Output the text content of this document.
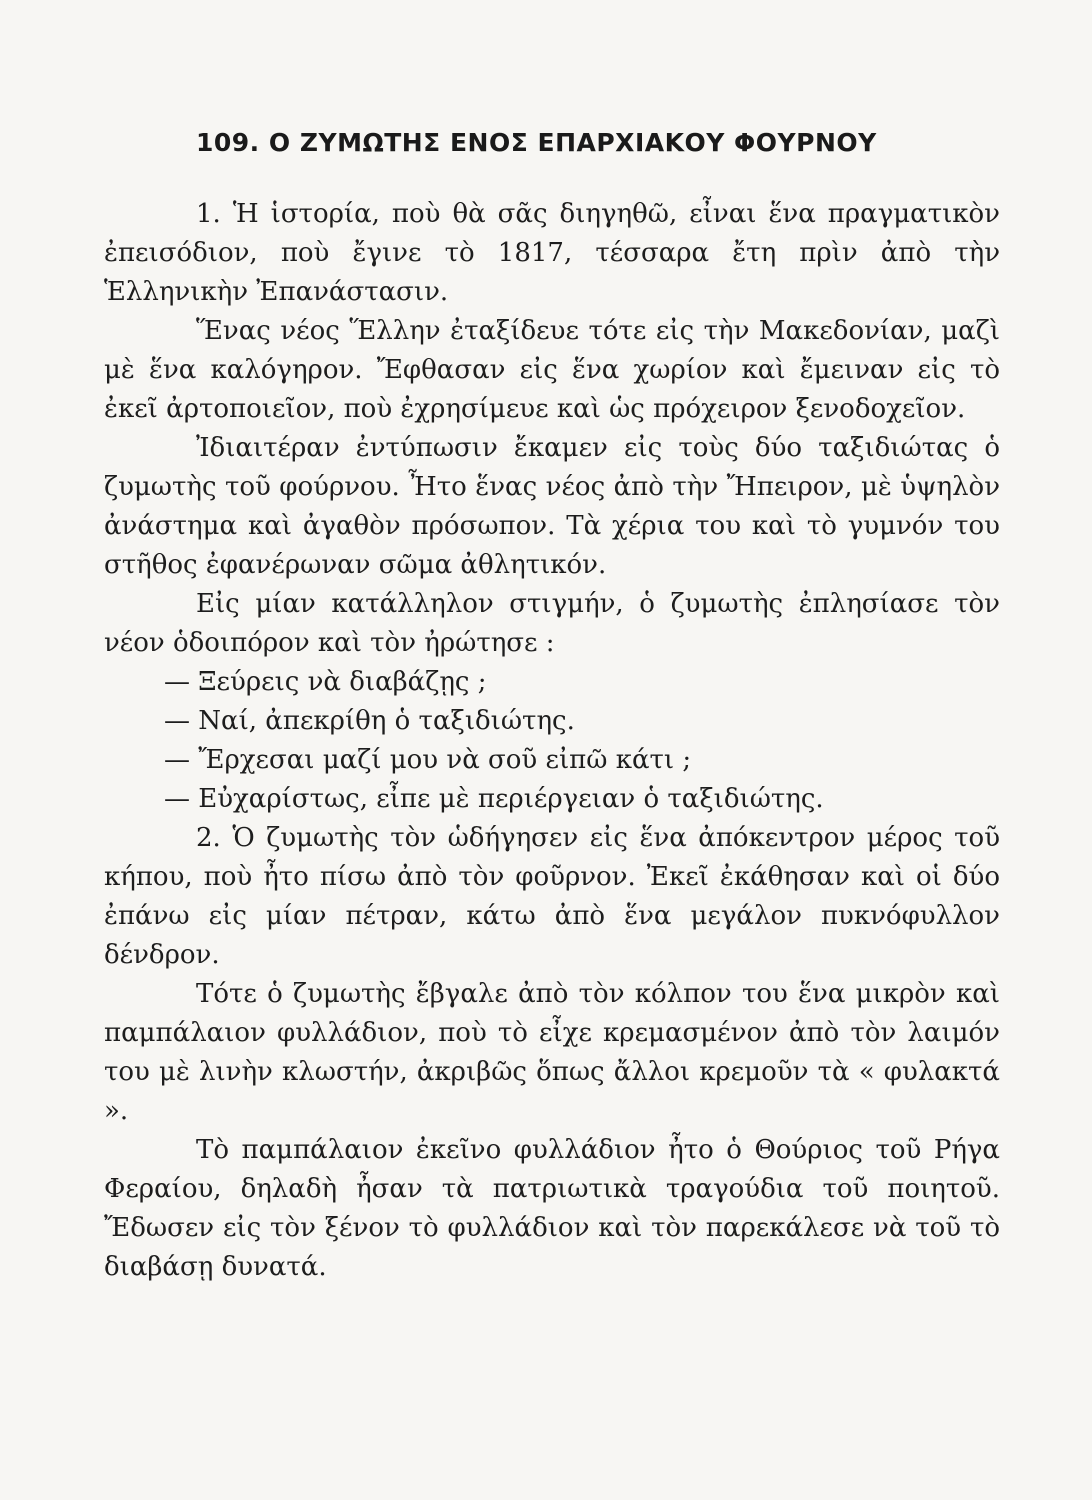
109. Ο ΖΥΜΩΤΗΣ ΕΝΟΣ ΕΠΑΡΧΙΑΚΟΥ ΦΟΥΡΝΟΥ

1. Ἡ ἱστορία, ποὺ θὰ σᾶς διηγηθῶ, εἶναι ἕνα πραγματικὸν ἐπεισόδιον, ποὺ ἔγινε τὸ 1817, τέσσαρα ἔτη πρὶν ἀπὸ τὴν Ἑλληνικὴν Ἐπανάστασιν.

Ἕνας νέος Ἕλλην ἐταξίδευε τότε εἰς τὴν Μακεδονίαν, μαζὶ μὲ ἕνα καλόγηρον. Ἔφθασαν εἰς ἕνα χωρίον καὶ ἔμειναν εἰς τὸ ἐκεῖ ἀρτοποιεῖον, ποὺ ἐχρησίμευε καὶ ὡς πρόχειρον ξενοδοχεῖον.

Ἰδιαιτέραν ἐντύπωσιν ἔκαμεν εἰς τοὺς δύο ταξιδιώτας ὁ ζυμωτὴς τοῦ φούρνου. Ἦτο ἕνας νέος ἀπὸ τὴν Ἤπειρον, μὲ ὑψηλὸν ἀνάστημα καὶ ἀγαθὸν πρόσωπον. Τὰ χέρια του καὶ τὸ γυμνόν του στῆθος ἐφανέρωναν σῶμα ἀθλητικόν.

Εἰς μίαν κατάλληλον στιγμήν, ὁ ζυμωτὴς ἐπλησίασε τὸν νέον ὁδοιπόρον καὶ τὸν ἠρώτησε :

— Ξεύρεις νὰ διαβάζῃς ;

— Ναί, ἀπεκρίθη ὁ ταξιδιώτης.

— Ἔρχεσαι μαζί μου νὰ σοῦ εἰπῶ κάτι ;

— Εὐχαρίστως, εἶπε μὲ περιέργειαν ὁ ταξιδιώτης.

2. Ὁ ζυμωτὴς τὸν ὡδήγησεν εἰς ἕνα ἀπόκεντρον μέρος τοῦ κήπου, ποὺ ἦτο πίσω ἀπὸ τὸν φοῦρνον. Ἐκεῖ ἐκάθησαν καὶ οἱ δύο ἐπάνω εἰς μίαν πέτραν, κάτω ἀπὸ ἕνα μεγάλον πυκνόφυλλον δένδρον.

Τότε ὁ ζυμωτὴς ἔβγαλε ἀπὸ τὸν κόλπον του ἕνα μικρὸν καὶ παμπάλαιον φυλλάδιον, ποὺ τὸ εἶχε κρεμασμένον ἀπὸ τὸν λαιμόν του μὲ λινὴν κλωστήν, ἀκριβῶς ὅπως ἄλλοι κρεμοῦν τὰ « φυλακτά ».

Τὸ παμπάλαιον ἐκεῖνο φυλλάδιον ἦτο ὁ Θούριος τοῦ Ρήγα Φεραίου, δηλαδὴ ἦσαν τὰ πατριωτικὰ τραγούδια τοῦ ποιητοῦ. Ἔδωσεν εἰς τὸν ξένον τὸ φυλλάδιον καὶ τὸν παρεκάλεσε νὰ τοῦ τὸ διαβάσῃ δυνατά.
